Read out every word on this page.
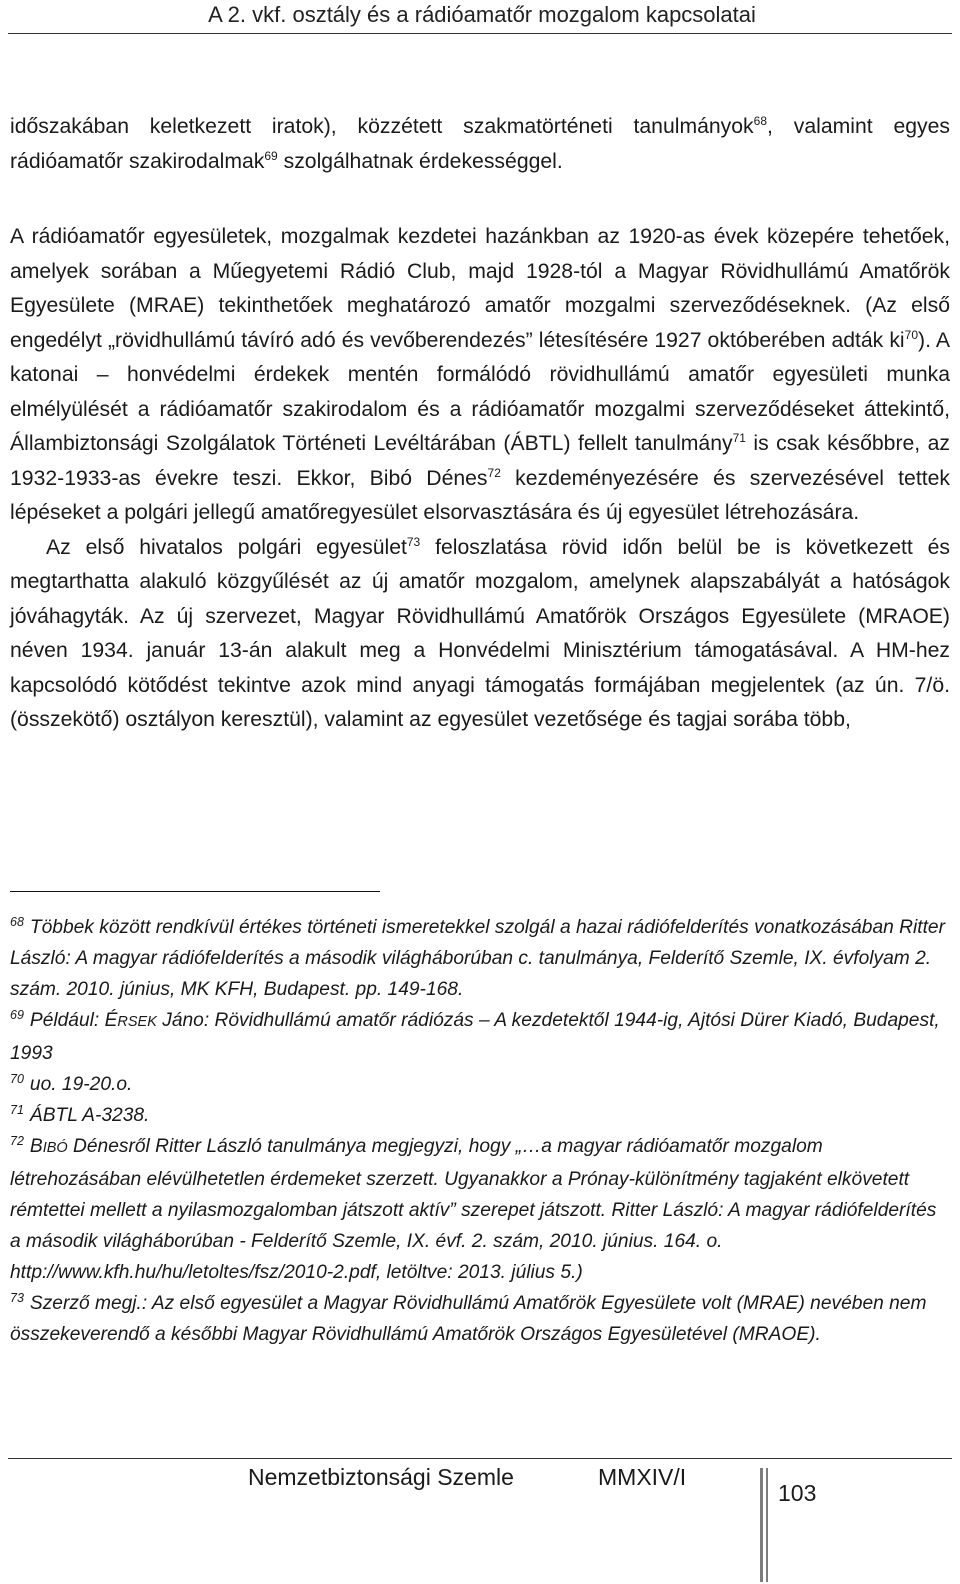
A 2. vkf. osztály és a rádióamatőr mozgalom kapcsolatai

időszakában keletkezett iratok), közzétett szakmatörténeti tanulmányok$^{68}$, valamint egyes rádióamatőr szakirodalmak$^{69}$ szolgálhatnak érdekességgel.

A rádióamatőr egyesületek, mozgalmak kezdetei hazánkban az 1920-as évek közepére tehetőek, amelyek sorában a Műegyetemi Rádió Club, majd 1928-tól a Magyar Rövidhullámú Amatőrök Egyesülete (MRAE) tekinthetőek meghatározó amatőr mozgalmi szerveződéseknek. (Az első engedélyt „rövidhullámú távíró adó és vevőberendezés” létesítésére 1927 októberében adták $ki^{70}$). A katonai – honvédelmi érdekek mentén formálódó rövidhullámú amatőr egyesületi munka elmélyülését a rádióamatőr szakirodalom és a rádióamatőr mozgalmi szerveződéseket áttekintő, Állambiztonsági Szolgálatok Történeti Levéltárában (ÁBTL) fellelt tanulmány$^{71}$ is csak későbbre, az 1932-1933-as évekre teszi. Ekkor, Bibó Dénes$^{72}$ kezdeményezésére és szervezésével tettek lépéseket a polgári jellegű amatőregyesület elsorvasztására és új egyesület létrehozására.

Az első hivatalos polgári egyesület$^{73}$ feloszlatása rövid időn belül be is következett és megtarthatta alakuló közgyűlését az új amatőr mozgalom, amelynek alapszabályát a hatóságok jóváhagyták. Az új szervezet, Magyar Rövidhullámú Amatőrök Országos Egyesülete (MRAOE) néven 1934. január 13-án alakult meg a Honvédelmi Minisztérium támogatásával. A HM-hez kapcsolódó kötődést tekintve azok mind anyagi támogatás formájában megjelentek (az ún. 7/ö. (összekötő) osztályon keresztül), valamint az egyesület vezetősége és tagjai sorába több,

$^{68}$ Többek között rendkívül értékes történeti ismeretekkel szolgál a hazai rádiófelderítés vonatkozásában Ritter László: A magyar rádiófelderítés a második világháborúban c. tanulmánya, Felderítő Szemle, IX. évfolyam 2. szám. 2010. június, MK KFH, Budapest. pp. 149-168.

$^{69}$ Például: ÉRSEK Jáno: Rövidhullámú amatőr rádiózás – A kezdetektől 1944-ig, Ajtósi Dürer Kiadó, Budapest, 1993

$^{70}$ uo. 19-20.o.

$^{71}$ ÁBTL A-3238.

$^{72}$ BIBÓ Dénesről Ritter László tanulmánya megjegyzi, hogy „…a magyar rádióamatőr mozgalom létrehozásában elévülhetetlen érdemeket szerzett. Ugyanakkor a Prónay-különítmény tagjaként elkövetett rémtettei mellett a nyilasmozgalomban játszott aktív” szerepet játszott. Ritter László: A magyar rádiófelderítés a második világháborúban - Felderítő Szemle, IX. évf. 2. szám, 2010. június. 164. o. http://www.kfh.hu/hu/letoltes/fsz/2010-2.pdf, letöltve: 2013. július 5.)

$^{73}$ Szerző megj.: Az első egyesület a Magyar Rövidhullámú Amatőrök Egyesülete volt (MRAE) nevében nem összekeverendő a későbbi Magyar Rövidhullámú Amatőrök Országos Egyesületével (MRAOE).

Nemzetbiztonsági Szemle	MMXIV/I
103
